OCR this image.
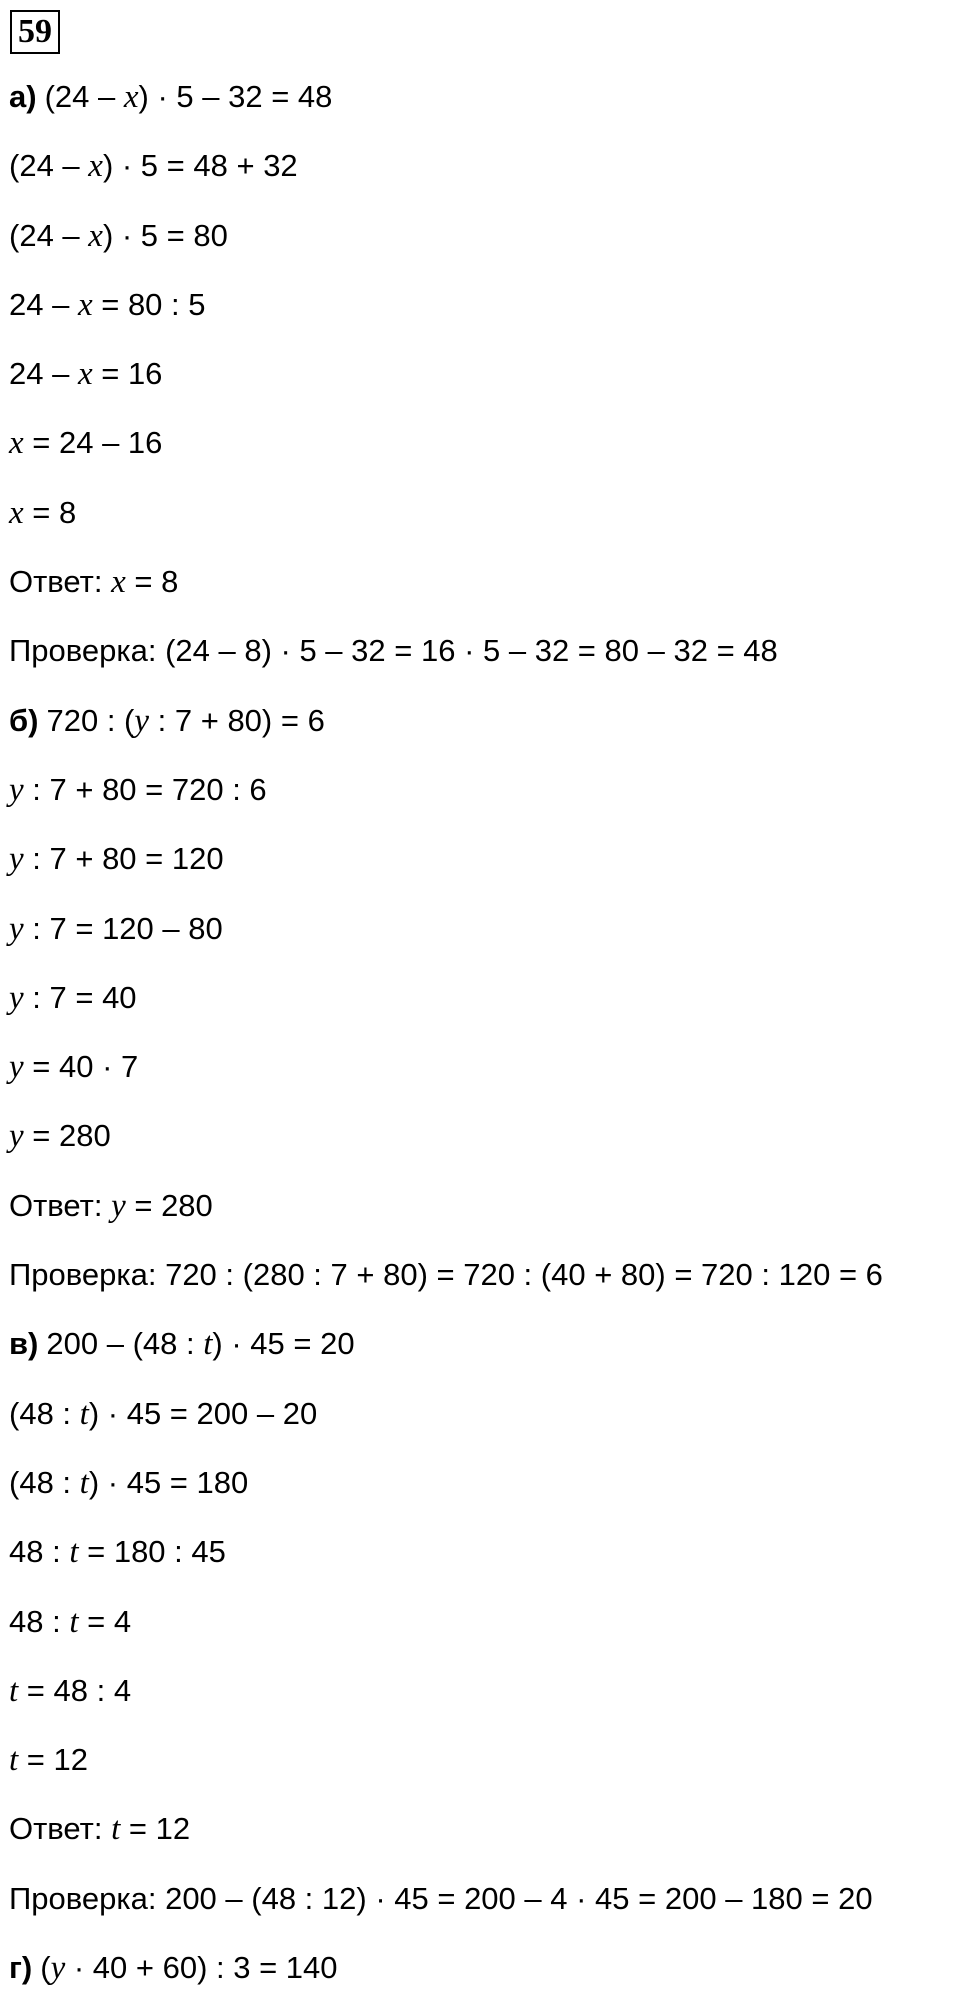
59
а) (24 – x) · 5 – 32 = 48
(24 – x) · 5 = 48 + 32
(24 – x) · 5 = 80
24 – x = 80 : 5
24 – x = 16
x = 24 – 16
x = 8
Ответ: x = 8
Проверка: (24 – 8) · 5 – 32 = 16 · 5 – 32 = 80 – 32 = 48
б) 720 : (y : 7 + 80) = 6
y : 7 + 80 = 720 : 6
y : 7 + 80 = 120
y : 7 = 120 – 80
y : 7 = 40
y = 40 · 7
y = 280
Ответ: y = 280
Проверка: 720 : (280 : 7 + 80) = 720 : (40 + 80) = 720 : 120 = 6
в) 200 – (48 : t) · 45 = 20
(48 : t) · 45 = 200 – 20
(48 : t) · 45 = 180
48 : t = 180 : 45
48 : t = 4
t = 48 : 4
t = 12
Ответ: t = 12
Проверка: 200 – (48 : 12) · 45 = 200 – 4 · 45 = 200 – 180 = 20
г) (y · 40 + 60) : 3 = 140
